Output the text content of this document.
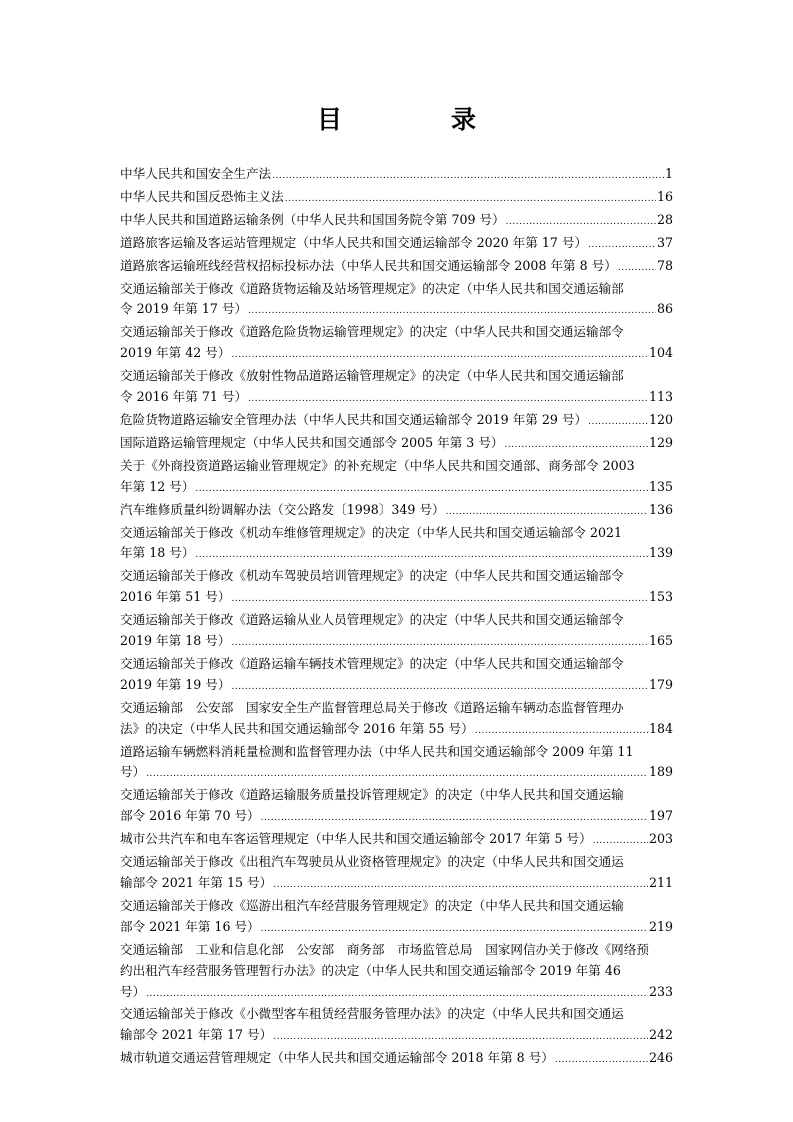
目　录
中华人民共和国安全生产法 .....	1
中华人民共和国反恐怖主义法 .....	16
中华人民共和国道路运输条例（中华人民共和国国务院令第 709 号） .....	28
道路旅客运输及客运站管理规定（中华人民共和国交通运输部令 2020 年第 17 号） .....	37
道路旅客运输班线经营权招标投标办法（中华人民共和国交通运输部令 2008 年第 8 号） .....	78
交通运输部关于修改《道路货物运输及站场管理规定》的决定（中华人民共和国交通运输部
令 2019 年第 17 号） .....	86
交通运输部关于修改《道路危险货物运输管理规定》的决定（中华人民共和国交通运输部令
2019 年第 42 号） .....	104
交通运输部关于修改《放射性物品道路运输管理规定》的决定（中华人民共和国交通运输部
令 2016 年第 71 号） .....	113
危险货物道路运输安全管理办法（中华人民共和国交通运输部令 2019 年第 29 号） .....	120
国际道路运输管理规定（中华人民共和国交通部令 2005 年第 3 号） .....	129
关于《外商投资道路运输业管理规定》的补充规定（中华人民共和国交通部、商务部令 2003
年第 12 号） .....	135
汽车维修质量纠纷调解办法（交公路发〔1998〕349 号） .....	136
交通运输部关于修改《机动车维修管理规定》的决定（中华人民共和国交通运输部令 2021
年第 18 号） .....	139
交通运输部关于修改《机动车驾驶员培训管理规定》的决定（中华人民共和国交通运输部令
2016 年第 51 号） .....	153
交通运输部关于修改《道路运输从业人员管理规定》的决定（中华人民共和国交通运输部令
2019 年第 18 号） .....	165
交通运输部关于修改《道路运输车辆技术管理规定》的决定（中华人民共和国交通运输部令
2019 年第 19 号） .....	179
交通运输部　公安部　国家安全生产监督管理总局关于修改《道路运输车辆动态监督管理办
法》的决定（中华人民共和国交通运输部令 2016 年第 55 号） .....	184
道路运输车辆燃料消耗量检测和监督管理办法（中华人民共和国交通运输部令 2009 年第 11
号） .....	189
交通运输部关于修改《道路运输服务质量投诉管理规定》的决定（中华人民共和国交通运输
部令 2016 年第 70 号） .....	197
城市公共汽车和电车客运管理规定（中华人民共和国交通运输部令 2017 年第 5 号） .....	203
交通运输部关于修改《出租汽车驾驶员从业资格管理规定》的决定（中华人民共和国交通运
输部令 2021 年第 15 号） .....	211
交通运输部关于修改《巡游出租汽车经营服务管理规定》的决定（中华人民共和国交通运输
部令 2021 年第 16 号） .....	219
交通运输部　工业和信息化部　公安部　商务部　市场监管总局　国家网信办关于修改《网络预
约出租汽车经营服务管理暂行办法》的决定（中华人民共和国交通运输部令 2019 年第 46
号） .....	233
交通运输部关于修改《小微型客车租赁经营服务管理办法》的决定（中华人民共和国交通运
输部令 2021 年第 17 号） .....	242
城市轨道交通运营管理规定（中华人民共和国交通运输部令 2018 年第 8 号） .....	246
